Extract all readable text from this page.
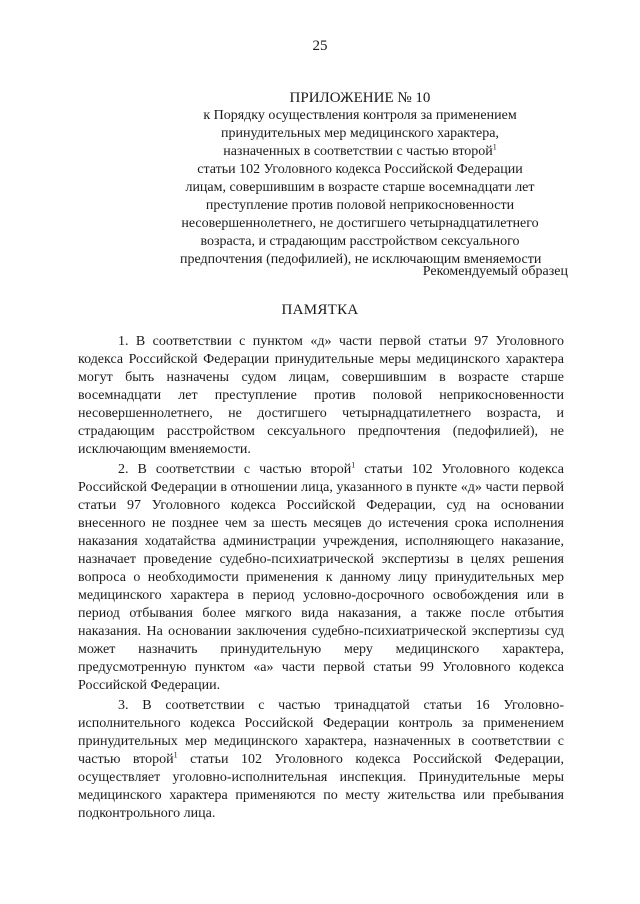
25
ПРИЛОЖЕНИЕ № 10
к Порядку осуществления контроля за применением
принудительных мер медицинского характера,
назначенных в соответствии с частью второй$^1$
статьи 102 Уголовного кодекса Российской Федерации
лицам, совершившим в возрасте старше восемнадцати лет
преступление против половой неприкосновенности
несовершеннолетнего, не достигшего четырнадцатилетнего
возраста, и страдающим расстройством сексуального
предпочтения (педофилией), не исключающим вменяемости
Рекомендуемый образец
ПАМЯТКА

1. В соответствии с пунктом «д» части первой статьи 97 Уголовного кодекса Российской Федерации принудительные меры медицинского характера могут быть назначены судом лицам, совершившим в возрасте старше восемнадцати лет преступление против половой неприкосновенности несовершеннолетнего, не достигшего четырнадцатилетнего возраста, и страдающим расстройством сексуального предпочтения (педофилией), не исключающим вменяемости.

2. В соответствии с частью второй$^1$ статьи 102 Уголовного кодекса Российской Федерации в отношении лица, указанного в пункте «д» части первой статьи 97 Уголовного кодекса Российской Федерации, суд на основании внесенного не позднее чем за шесть месяцев до истечения срока исполнения наказания ходатайства администрации учреждения, исполняющего наказание, назначает проведение судебно-психиатрической экспертизы в целях решения вопроса о необходимости применения к данному лицу принудительных мер медицинского характера в период условно-досрочного освобождения или в период отбывания более мягкого вида наказания, а также после отбытия наказания. На основании заключения судебно-психиатрической экспертизы суд может назначить принудительную меру медицинского характера, предусмотренную пунктом «а» части первой статьи 99 Уголовного кодекса Российской Федерации.

3. В соответствии с частью тринадцатой статьи 16 Уголовно-исполнительного кодекса Российской Федерации контроль за применением принудительных мер медицинского характера, назначенных в соответствии с частью второй$^1$ статьи 102 Уголовного кодекса Российской Федерации, осуществляет уголовно-исполнительная инспекция. Принудительные меры медицинского характера применяются по месту жительства или пребывания подконтрольного лица.
